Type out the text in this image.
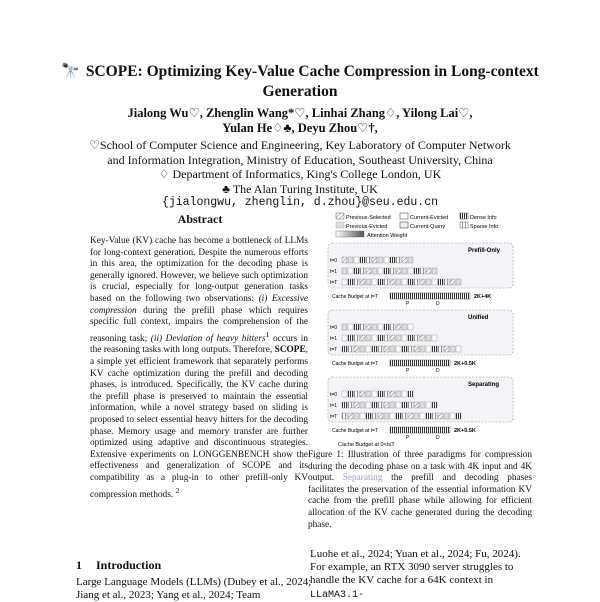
🔭 SCOPE: Optimizing Key-Value Cache Compression in Long-context Generation
Jialong Wu♡, Zhenglin Wang*♡, Linhai Zhang♢, Yilong Lai♡,
Yulan He♢♣, Deyu Zhou♡†,
♡School of Computer Science and Engineering, Key Laboratory of Computer Network
and Information Integration, Ministry of Education, Southeast University, China
♢ Department of Informatics, King's College London, UK
♣ The Alan Turing Institute, UK
{jialongwu, zhenglin, d.zhou}@seu.edu.cn
Abstract
Key-Value (KV) cache has become a bottleneck of LLMs for long-context generation. Despite the numerous efforts in this area, the optimization for the decoding phase is generally ignored. However, we believe such optimization is crucial, especially for long-output generation tasks based on the following two observations: (i) Excessive compression during the prefill phase which requires specific full context, impairs the comprehension of the reasoning task; (ii) Deviation of heavy hitters$^1$ occurs in the reasoning tasks with long outputs. Therefore, SCOPE, a simple yet efficient framework that separately performs KV cache optimization during the prefill and decoding phases, is introduced. Specifically, the KV cache during the prefill phase is preserved to maintain the essential information, while a novel strategy based on sliding is proposed to select essential heavy hitters for the decoding phase. Memory usage and memory transfer are further optimized using adaptive and discontinuous strategies. Extensive experiments on LONGGENBENCH show the effectiveness and generalization of SCOPE and its compatibility as a plug-in to other prefill-only KV compression methods. $^2$
Previous-Selected	Current-Evicted	Dense Info
Previous-Evicted	Current-Query	Sparse Info
Attention Weight
Prefill-Only
t=0
t=1
t=T
Cache Budget at t=T	2K+4K
P	D
Unified
t=0
t=1
t=T
Cache Budget at t=T	2K+0.5K
P	D
Separating
t=0
t=1
t=T
Cache Budget at t=T	2K+0.5K
P	D
Cache Budget at 0<t≤T
Figure 1: Illustration of three paradigms for compression during the decoding phase on a task with 4K input and 4K output. Separating the prefill and decoding phases facilitates the preservation of the essential information KV cache from the prefill phase while allowing for efficient allocation of the KV cache generated during the decoding phase.
Luohe et al., 2024; Yuan et al., 2024; Fu, 2024). For example, an RTX 3090 server struggles to handle the KV cache for a 64K context in LLaMA3.1-
1 Introduction
Large Language Models (LLMs) (Dubey et al., 2024; Jiang et al., 2023; Yang et al., 2024; Team
